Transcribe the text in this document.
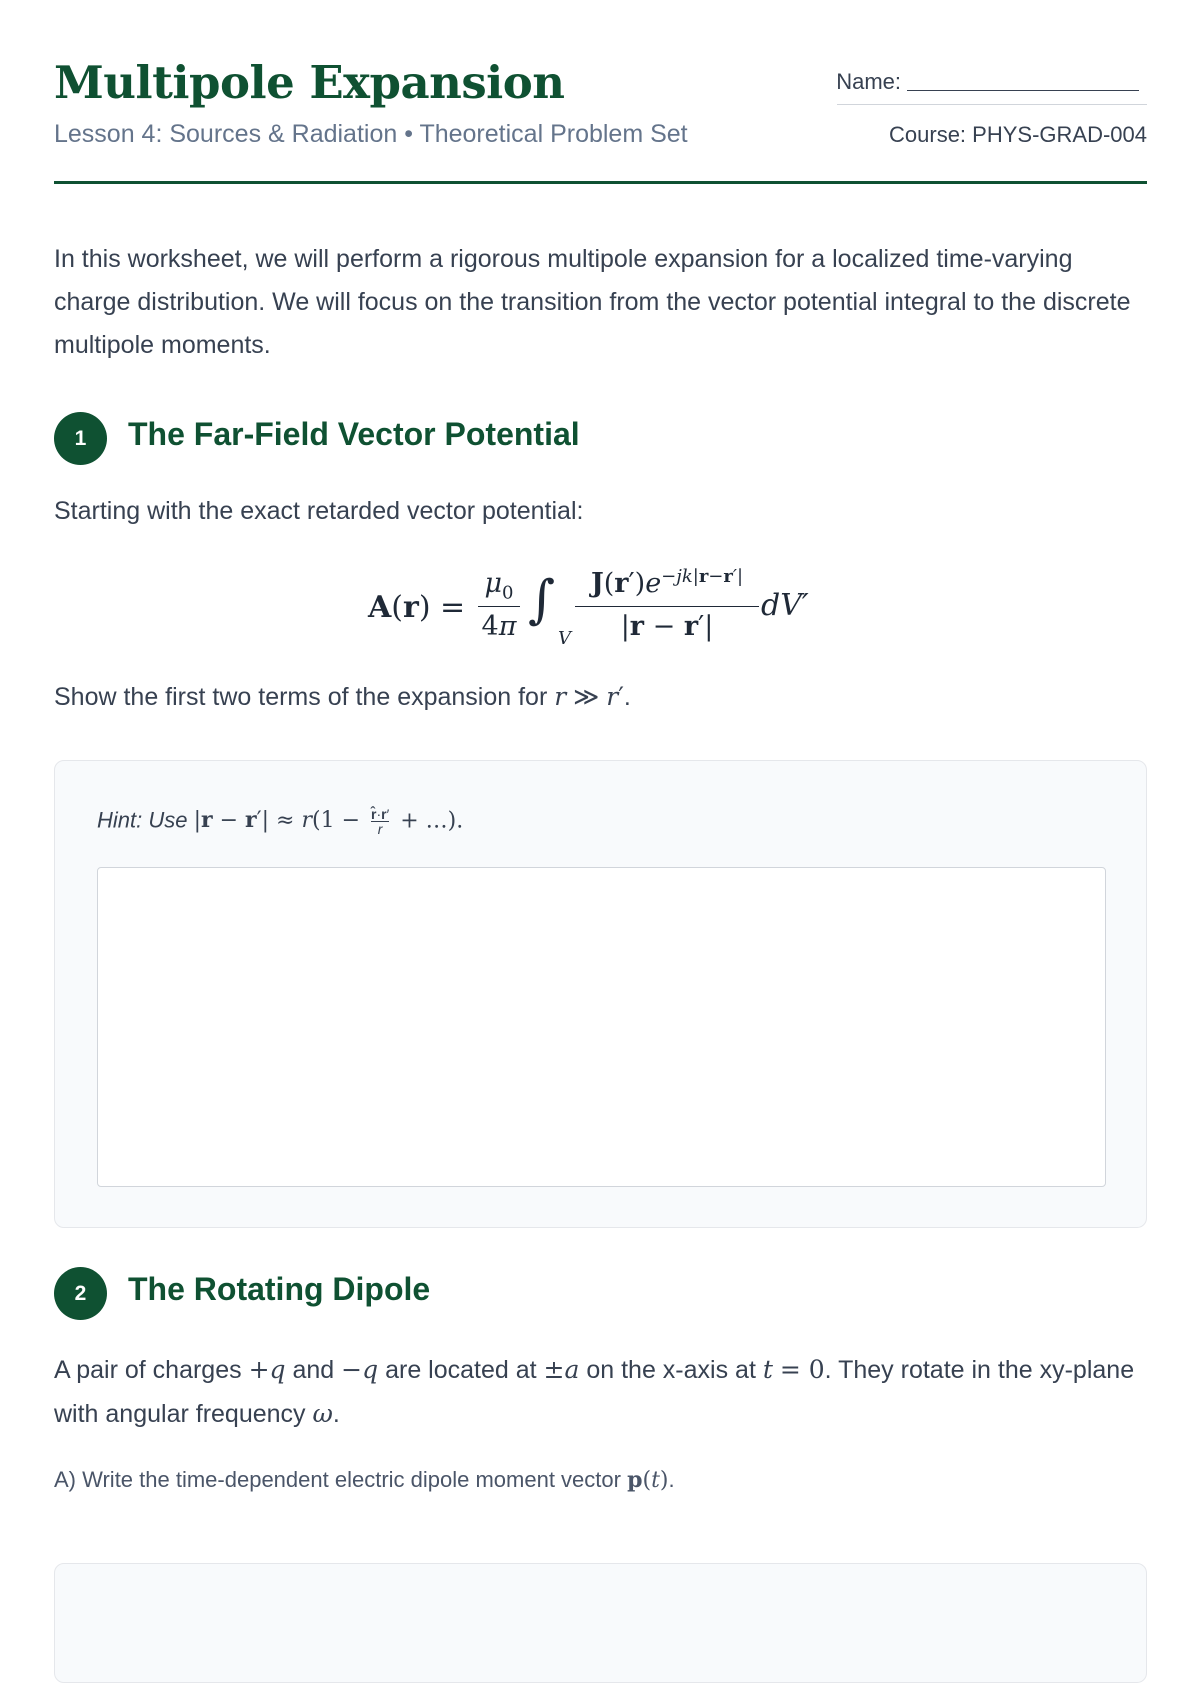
Multipole Expansion
Lesson 4: Sources & Radiation • Theoretical Problem Set
Name:
Course: PHYS-GRAD-004

In this worksheet, we will perform a rigorous multipole expansion for a localized time-varying charge distribution. We will focus on the transition from the vector potential integral to the discrete multipole moments.

1	The Far-Field Vector Potential

Starting with the exact retarded vector potential:

A(r) =
$\mu_0$
4π ∫
V
$J(r')e^{-jk|r-r'|}$
|r − r′|
dV′

Show the first two terms of the expansion for r ≫ r′.

Hint: Use $|r - r'| \approx r(1 - \frac{r̂\cdot r'}{r}$ + …).
2	The Rotating Dipole

A pair of charges +q and −q are located at ±a on the x-axis at t = 0. They rotate in the xy-plane with angular frequency ω.

A) Write the time-dependent electric dipole moment vector p(t).
